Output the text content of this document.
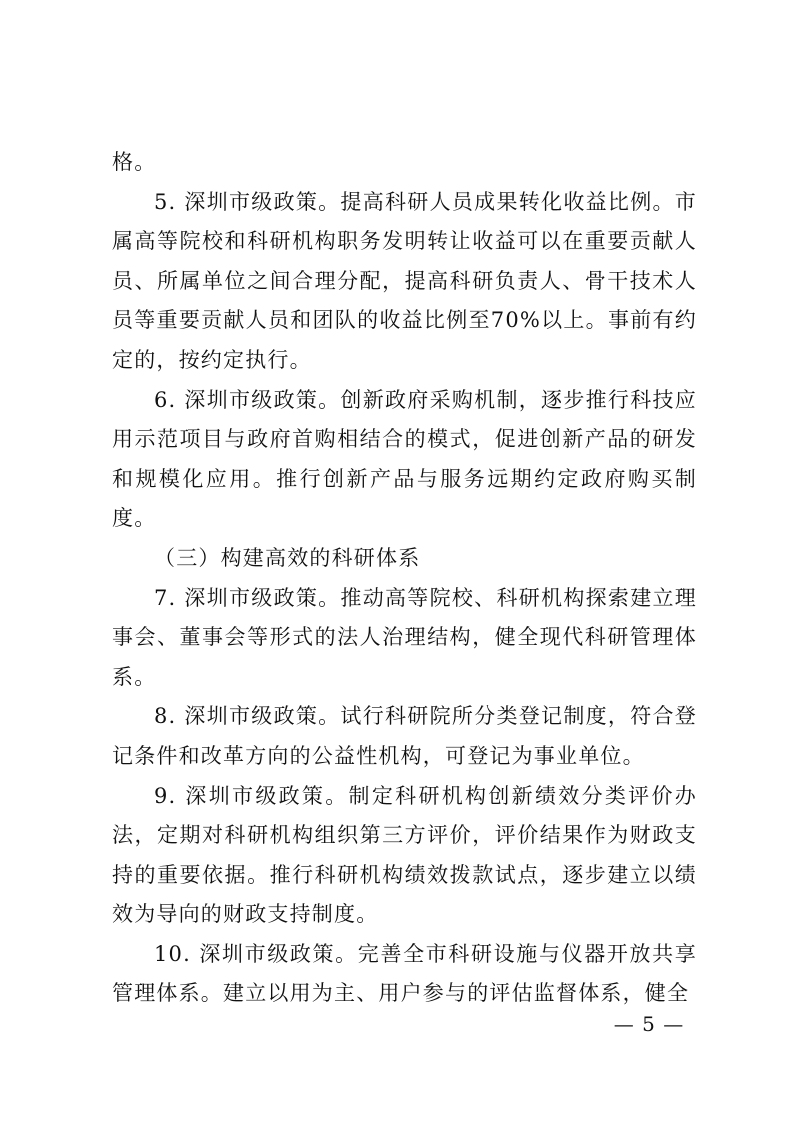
格。

5. 深圳市级政策。提高科研人员成果转化收益比例。市属高等院校和科研机构职务发明转让收益可以在重要贡献人员、所属单位之间合理分配，提高科研负责人、骨干技术人员等重要贡献人员和团队的收益比例至70%以上。事前有约定的，按约定执行。

6. 深圳市级政策。创新政府采购机制，逐步推行科技应用示范项目与政府首购相结合的模式，促进创新产品的研发和规模化应用。推行创新产品与服务远期约定政府购买制度。

（三）构建高效的科研体系

7. 深圳市级政策。推动高等院校、科研机构探索建立理事会、董事会等形式的法人治理结构，健全现代科研管理体系。

8. 深圳市级政策。试行科研院所分类登记制度，符合登记条件和改革方向的公益性机构，可登记为事业单位。

9. 深圳市级政策。制定科研机构创新绩效分类评价办法，定期对科研机构组织第三方评价，评价结果作为财政支持的重要依据。推行科研机构绩效拨款试点，逐步建立以绩效为导向的财政支持制度。

10. 深圳市级政策。完善全市科研设施与仪器开放共享管理体系。建立以用为主、用户参与的评估监督体系，健全

— 5 —
